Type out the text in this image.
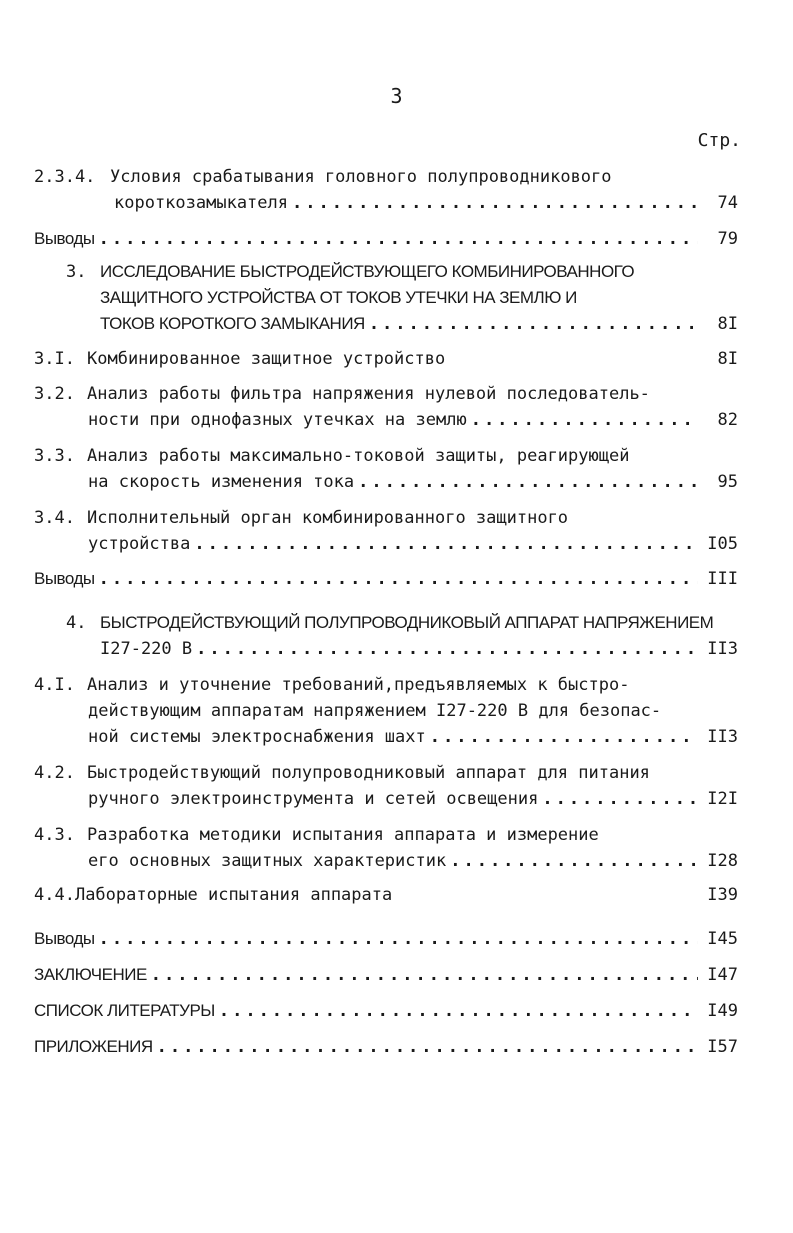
3
Стр.
2.3.4. Условия срабатывания головного полупроводникового
короткозамыкателя .....	74
Выводы .....	79
3. ИССЛЕДОВАНИЕ БЫСТРОДЕЙСТВУЮЩЕГО КОМБИНИРОВАННОГО
ЗАЩИТНОГО УСТРОЙСТВА ОТ ТОКОВ УТЕЧКИ НА ЗЕМЛЮ И
ТОКОВ КОРОТКОГО ЗАМЫКАНИЯ .....	8I
3.I. Комбинированное защитное устройство	8I
3.2. Анализ работы фильтра напряжения нулевой последователь-
ности при однофазных утечках на землю .....	82
3.3. Анализ работы максимально-токовой защиты, реагирующей
на скорость изменения тока .....	95
3.4. Исполнительный орган комбинированного защитного
устройства .....	I05
Выводы .....	III
4. БЫСТРОДЕЙСТВУЮЩИЙ ПОЛУПРОВОДНИКОВЫЙ АППАРАТ НАПРЯЖЕНИЕМ
I27-220 В .....	II3
4.I. Анализ и уточнение требований,предъявляемых к быстро-
действующим аппаратам напряжением I27-220 В для безопас-
ной системы электроснабжения шахт .....	II3
4.2. Быстродействующий полупроводниковый аппарат для питания
ручного электроинструмента и сетей освещения .....	I2I
4.3. Разработка методики испытания аппарата и измерение
его основных защитных характеристик .....	I28
4.4.Лабораторные испытания аппарата	I39
Выводы .....	I45
ЗАКЛЮЧЕНИЕ .....	I47
СПИСОК ЛИТЕРАТУРЫ .....	I49
ПРИЛОЖЕНИЯ .....	I57
